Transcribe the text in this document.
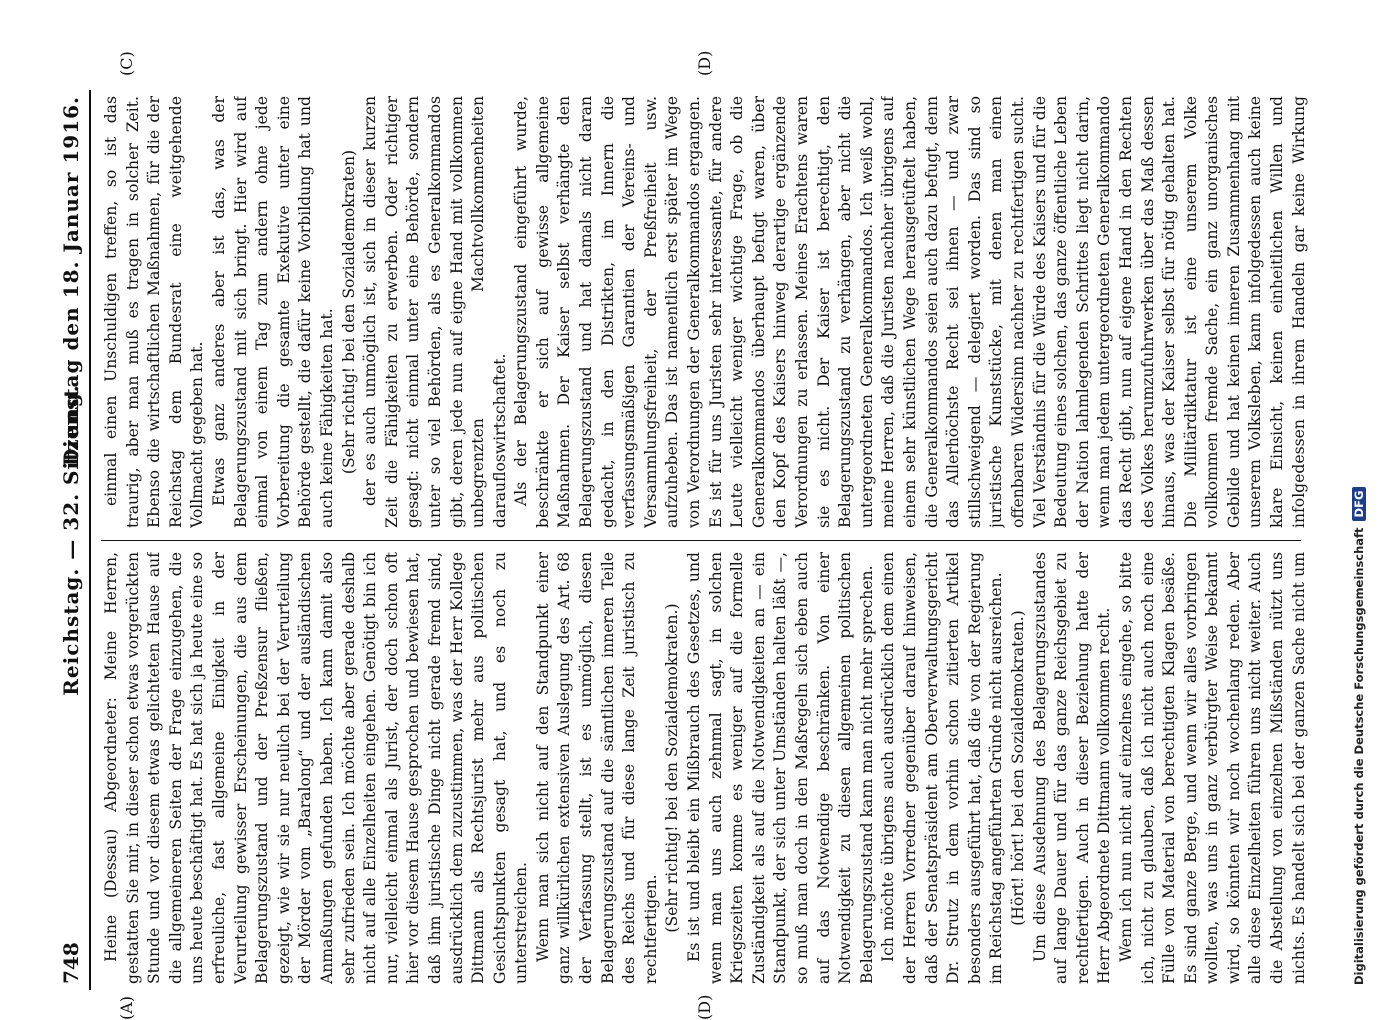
748
Reichstag. — 32. Sitzung.
Dienstag den 18. Januar 1916.
(A)
(C)
(D)
(D)

Heine (Dessau) Abgeordneter: Meine Herren, gestatten Sie mir, in dieser schon etwas vorgerückten Stunde und vor diesem etwas gelichteten Hause auf die allgemeineren Seiten der Frage einzugehen, die uns heute beschäftigt hat. Es hat sich ja heute eine so erfreuliche, fast allgemeine Einigkeit in der Verurteilung gewisser Erscheinungen, die aus dem Belagerungszustand und der Preßzensur fließen, gezeigt, wie wir sie nur neulich bei der Verurteilung der Mörder vom „Baralong“ und der ausländischen Anmaßungen gefunden haben. Ich kann damit also sehr zufrieden sein. Ich möchte aber gerade deshalb nicht auf alle Einzelheiten eingehen. Genötigt bin ich nur, vielleicht einmal als Jurist, der doch schon oft hier vor diesem Hause gesprochen und bewiesen hat, daß ihm juristische Dinge nicht gerade fremd sind, ausdrücklich dem zuzustimmen, was der Herr Kollege Dittmann als Rechtsjurist mehr aus politischen Gesichtspunkten gesagt hat, und es noch zu unterstreichen. Wenn man sich nicht auf den Standpunkt einer ganz willkürlichen extensiven Auslegung des Art. 68 der Verfassung stellt, ist es unmöglich, diesen Belagerungszustand auf die sämtlichen inneren Teile des Reichs und für diese lange Zeit juristisch zu rechtfertigen. (Sehr richtig! bei den Sozialdemokraten.) Es ist und bleibt ein Mißbrauch des Gesetzes, und wenn man uns auch zehnmal sagt, in solchen Kriegszeiten komme es weniger auf die formelle Zuständigkeit als auf die Notwendigkeiten an — ein Standpunkt, der sich unter Umständen halten läßt —, so muß man doch in den Maßregeln sich eben auch auf das Notwendige beschränken. Von einer Notwendigkeit zu diesen allgemeinen politischen Belagerungszustand kann man nicht mehr sprechen. Ich möchte übrigens auch ausdrücklich dem einen der Herren Vorredner gegenüber darauf hinweisen, daß der Senatspräsident am Oberverwaltungsgericht Dr. Strutz in dem vorhin schon zitierten Artikel besonders ausgeführt hat, daß die von der Regierung im Reichstag angeführten Gründe nicht ausreichen. (Hört! hört! bei den Sozialdemokraten.) Um diese Ausdehnung des Belagerungszustandes auf lange Dauer und für das ganze Reichsgebiet zu rechtfertigen. Auch in dieser Beziehung hatte der Herr Abgeordnete Dittmann vollkommen recht. Wenn ich nun nicht auf einzelnes eingehe, so bitte ich, nicht zu glauben, daß ich nicht auch noch eine Fülle von Material von berechtigten Klagen besäße. Es sind ganze Berge, und wenn wir alles vorbringen wollten, was uns in ganz verbürgter Weise bekannt wird, so könnten wir noch wochenlang reden. Aber alle diese Einzelheiten führen uns nicht weiter. Auch die Abstellung von einzelnen Mißständen nützt uns nichts. Es handelt sich bei der ganzen Sache nicht um

einmal einen Unschuldigen treffen, so ist das traurig, aber man muß es tragen in solcher Zeit. Ebenso die wirtschaftlichen Maßnahmen, für die der Reichstag dem Bundesrat eine weitgehende Vollmacht gegeben hat. Etwas ganz anderes aber ist das, was der Belagerungszustand mit sich bringt. Hier wird auf einmal von einem Tag zum andern ohne jede Vorbereitung die gesamte Exekutive unter eine Behörde gestellt, die dafür keine Vorbildung hat und auch keine Fähigkeiten hat. (Sehr richtig! bei den Sozialdemokraten) der es auch unmöglich ist, sich in dieser kurzen Zeit die Fähigkeiten zu erwerben. Oder richtiger gesagt: nicht einmal unter eine Behörde, sondern unter so viel Behörden, als es Generalkommandos gibt, deren jede nun auf eigne Hand mit vollkommen unbegrenzten Machtvollkommenheiten daraufloswirtschaftet. Als der Belagerungszustand eingeführt wurde, beschränkte er sich auf gewisse allgemeine Maßnahmen. Der Kaiser selbst verhängte den Belagerungszustand und hat damals nicht daran gedacht, in den Distrikten, im Innern die verfassungsmäßigen Garantien der Vereins- und Versammlungsfreiheit, der Preßfreiheit usw. aufzuheben. Das ist namentlich erst später im Wege von Verordnungen der Generalkommandos ergangen. Es ist für uns Juristen sehr interessante, für andere Leute vielleicht weniger wichtige Frage, ob die Generalkommandos überhaupt befugt waren, über den Kopf des Kaisers hinweg derartige ergänzende Verordnungen zu erlassen. Meines Erachtens waren sie es nicht. Der Kaiser ist berechtigt, den Belagerungszustand zu verhängen, aber nicht die untergeordneten Generalkommandos. Ich weiß wohl, meine Herren, daß die Juristen nachher übrigens auf einem sehr künstlichen Wege herausgetüftelt haben, die Generalkommandos seien auch dazu befugt, denn das Allerhöchste Recht sei ihnen — und zwar stillschweigend — delegiert worden. Das sind so juristische Kunststücke, mit denen man einen offenbaren Widersinn nachher zu rechtfertigen sucht. Viel Verständnis für die Würde des Kaisers und für die Bedeutung eines solchen, das ganze öffentliche Leben der Nation lahmlegenden Schrittes liegt nicht darin, wenn man jedem untergeordneten Generalkommando das Recht gibt, nun auf eigene Hand in den Rechten des Volkes herumzufuhrwerken über das Maß dessen hinaus, was der Kaiser selbst für nötig gehalten hat. Die Militärdiktatur ist eine unserem Volke vollkommen fremde Sache, ein ganz unorganisches Gebilde und hat keinen inneren Zusammenhang mit unserem Volksleben, kann infolgedessen auch keine klare Einsicht, keinen einheitlichen Willen und infolgedessen in ihrem Handeln gar keine Wirkung

Digitalisierung gefördert durch die Deutsche ForschungsgemeinschaftDFG
